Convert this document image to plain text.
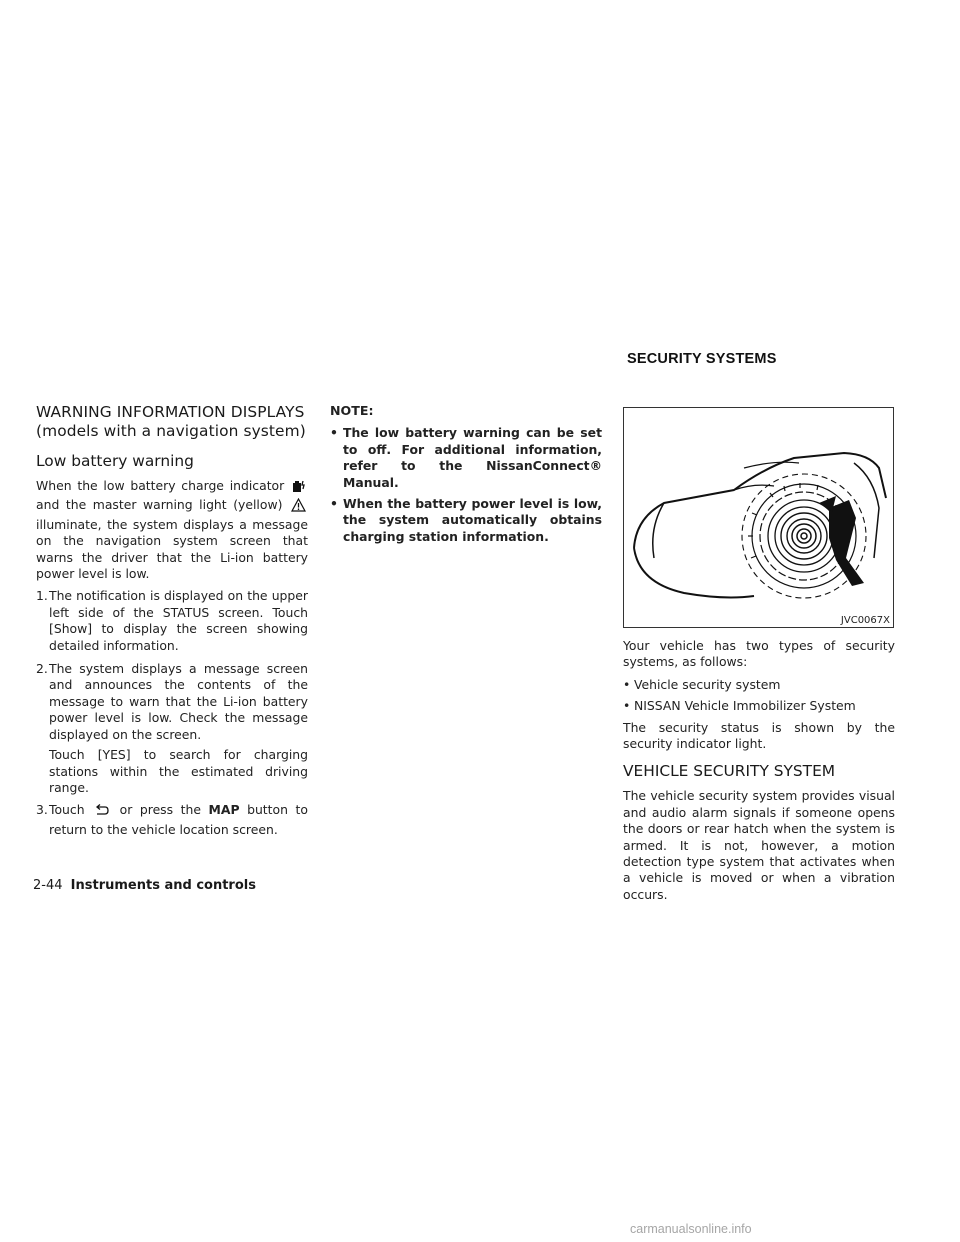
SECURITY SYSTEMS
WARNING INFORMATION DISPLAYS (models with a navigation system)
Low battery warning

When the low battery charge indicator  and the master warning light (yellow)  illuminate, the system displays a message on the navigation system screen that warns the driver that the Li-ion battery power level is low.

1. The notification is displayed on the upper left side of the STATUS screen. Touch [Show] to display the screen showing detailed information.
2. The system displays a message screen and announces the contents of the message to warn that the Li-ion battery power level is low. Check the message displayed on the screen.

Touch [YES] to search for charging stations within the estimated driving range.

3. Touch	or press the MAP button to return to the vehicle location screen.
NOTE:
• The low battery warning can be set to off. For additional information, refer to the NissanConnect® Manual.
• When the battery power level is low, the system automatically obtains charging station information.
JVC0067X

Your vehicle has two types of security systems, as follows:

• Vehicle security system
• NISSAN Vehicle Immobilizer System

The security status is shown by the security indicator light.

VEHICLE SECURITY SYSTEM

The vehicle security system provides visual and audio alarm signals if someone opens the doors or rear hatch when the system is armed. It is not, however, a motion detection type system that activates when a vehicle is moved or when a vibration occurs.

2-44 Instruments and controls
carmanualsonline.info
